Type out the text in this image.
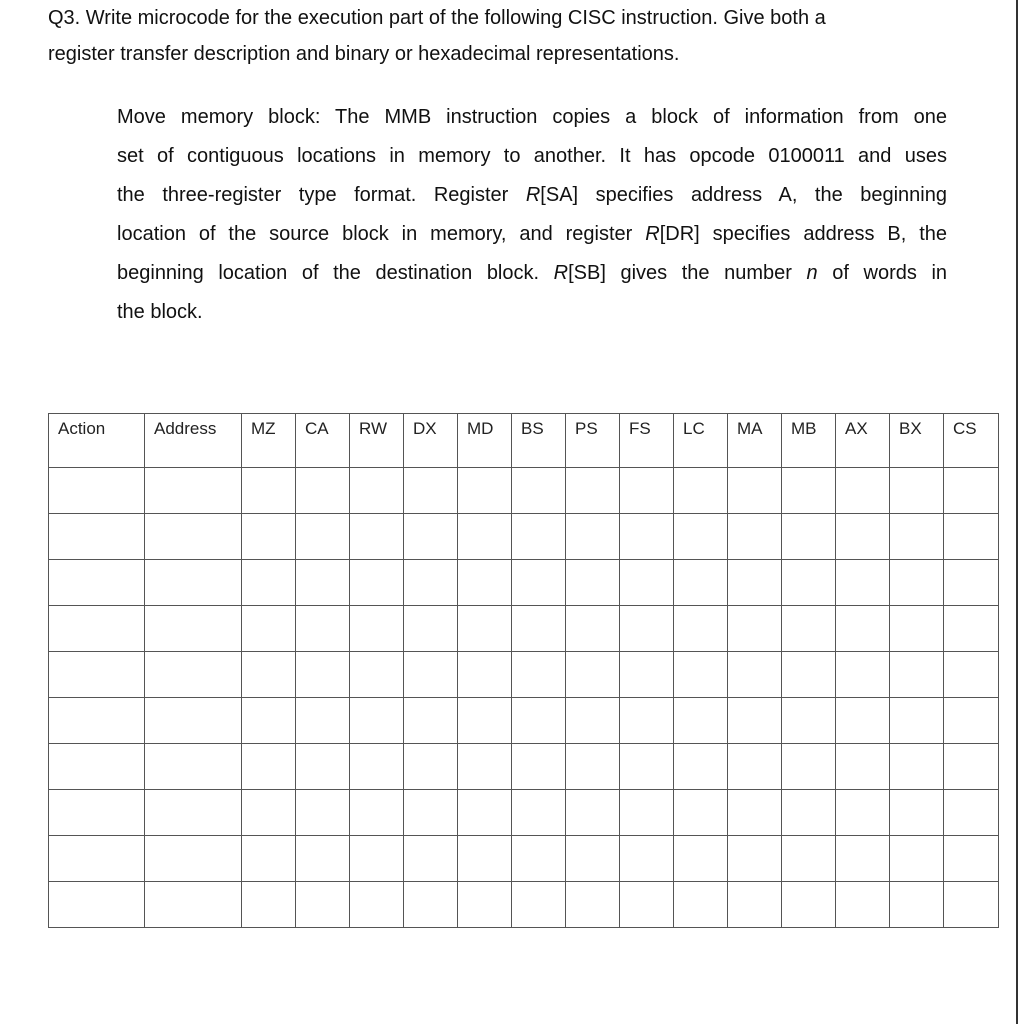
Q3. Write microcode for the execution part of the following CISC instruction. Give both a
register transfer description and binary or hexadecimal representations.
Move memory block: The MMB instruction copies a block of information from one
set of contiguous locations in memory to another. It has opcode 0100011 and uses
the three-register type format. Register R[SA] specifies address A, the beginning
location of the source block in memory, and register R[DR] specifies address B, the
beginning location of the destination block. R[SB] gives the number n of words in
the block.
Action	Address	MZ	CA	RW	DX	MD	BS	PS	FS	LC	MA	MB	AX	BX	CS
